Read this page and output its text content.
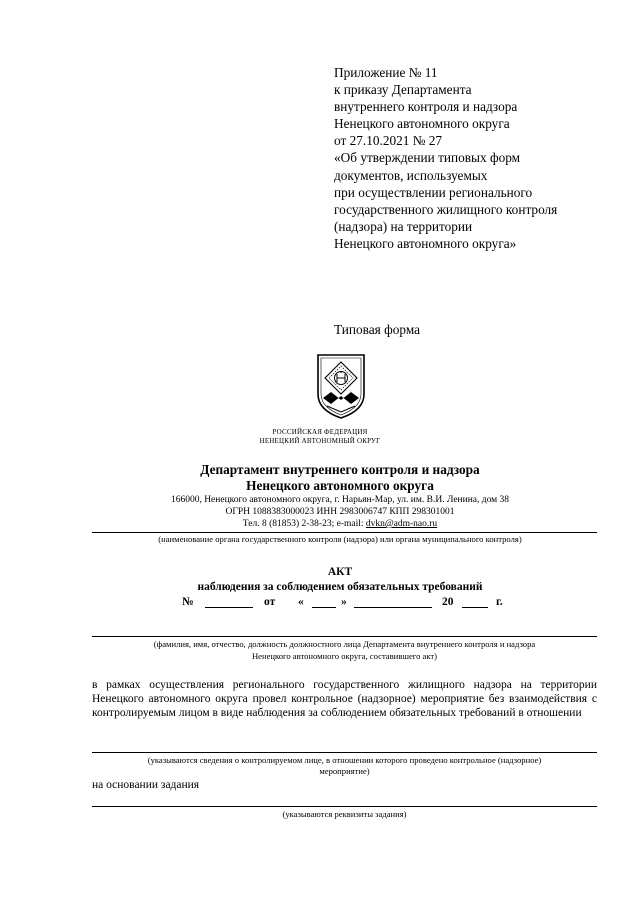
Приложение № 11
к приказу Департамента
внутреннего контроля и надзора
Ненецкого автономного округа
от 27.10.2021 № 27
«Об утверждении типовых форм
документов, используемых
при осуществлении регионального
государственного жилищного контроля
(надзора) на территории
Ненецкого автономного округа»
Типовая форма
РОССИЙСКАЯ ФЕДЕРАЦИЯ
НЕНЕЦКИЙ АВТОНОМНЫЙ ОКРУГ
Департамент внутреннего контроля и надзора
Ненецкого автономного округа
166000, Ненецкого автономного округа, г. Нарьян-Мар, ул. им. В.И. Ленина, дом 38
ОГРН 1088383000023 ИНН 2983006747 КПП 298301001
Тел. 8 (81853) 2-38-23; e-mail: dvkn@adm-nao.ru
(наименование органа государственного контроля (надзора) или органа муниципального контроля)
АКТ
наблюдения за соблюдением обязательных требований
№	от «	»	20	г.
(фамилия, имя, отчество, должность должностного лица Департамента внутреннего контроля и надзора
Ненецкого автономного округа, составившего акт)
в рамках осуществления регионального государственного жилищного надзора на территории Ненецкого автономного округа провел контрольное (надзорное) мероприятие без взаимодействия с контролируемым лицом в виде наблюдения за соблюдением обязательных требований в отношении
(указываются сведения о контролируемом лице, в отношении которого проведено контрольное (надзорное)
мероприятие)
на основании задания
(указываются реквизиты задания)
